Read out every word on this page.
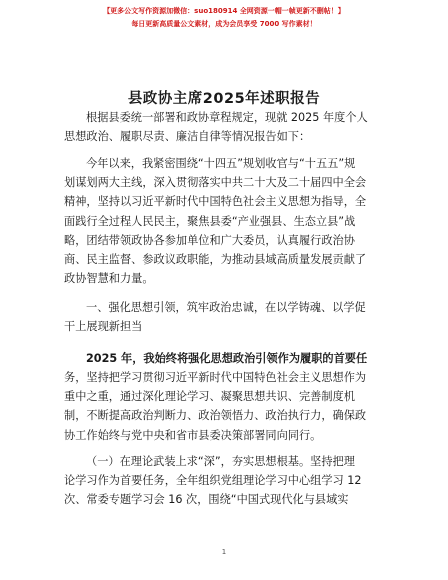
【更多公文写作资源加微信：suo180914 全网资源一帽一帧更新不删帖！】
每日更新高质量公文素材，成为会员享受 7000 写作素材！
县政协主席2025年述职报告
根据县委统一部署和政协章程规定，现就 2025 年度个人
思想政治、履职尽责、廉洁自律等情况报告如下：
今年以来，我紧密围绕“十四五”规划收官与“十五五”规
划谋划两大主线，深入贯彻落实中共二十大及二十届四中全会
精神，坚持以习近平新时代中国特色社会主义思想为指导，全
面践行全过程人民民主，聚焦县委“产业强县、生态立县”战
略，团结带领政协各参加单位和广大委员，认真履行政治协
商、民主监督、参政议政职能，为推动县域高质量发展贡献了
政协智慧和力量。
一、强化思想引领，筑牢政治忠诚，在以学铸魂、以学促
干上展现新担当
2025 年，我始终将强化思想政治引领作为履职的首要任
务，坚持把学习贯彻习近平新时代中国特色社会主义思想作为
重中之重，通过深化理论学习、凝聚思想共识、完善制度机
制，不断提高政治判断力、政治领悟力、政治执行力，确保政
协工作始终与党中央和省市县委决策部署同向同行。
（一）在理论武装上求“深”，夯实思想根基。坚持把理
论学习作为首要任务，全年组织党组理论学习中心组学习 12
次、常委专题学习会 16 次，围绕“中国式现代化与县域实
1
